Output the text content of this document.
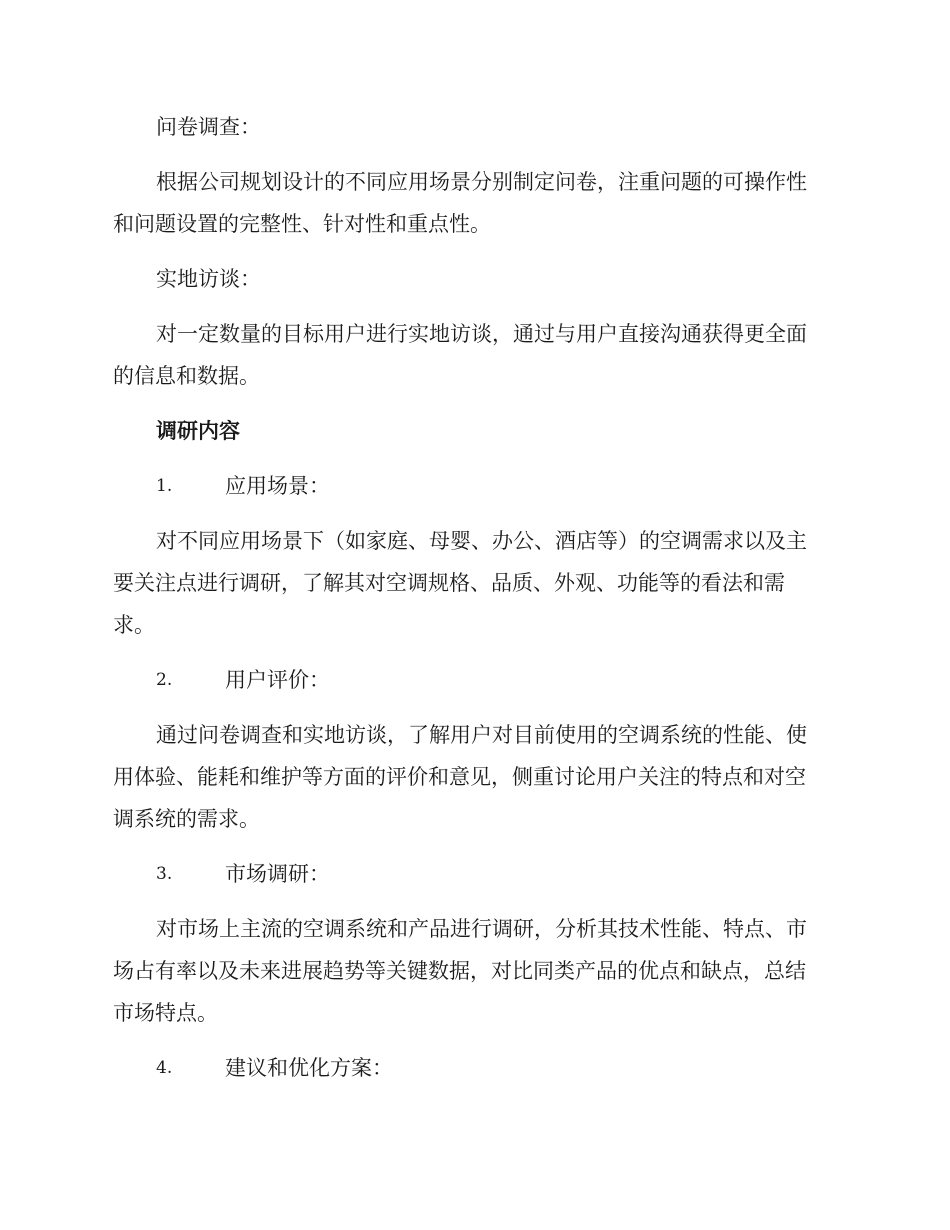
问卷调查：
根据公司规划设计的不同应用场景分别制定问卷，注重问题的可操作性
和问题设置的完整性、针对性和重点性。
实地访谈：
对一定数量的目标用户进行实地访谈，通过与用户直接沟通获得更全面
的信息和数据。
调研内容
1.	应用场景：
对不同应用场景下（如家庭、母婴、办公、酒店等）的空调需求以及主
要关注点进行调研，了解其对空调规格、品质、外观、功能等的看法和需
求。
2.	用户评价：
通过问卷调查和实地访谈，了解用户对目前使用的空调系统的性能、使
用体验、能耗和维护等方面的评价和意见，侧重讨论用户关注的特点和对空
调系统的需求。
3.	市场调研：
对市场上主流的空调系统和产品进行调研，分析其技术性能、特点、市
场占有率以及未来进展趋势等关键数据，对比同类产品的优点和缺点，总结
市场特点。
4.	建议和优化方案：
